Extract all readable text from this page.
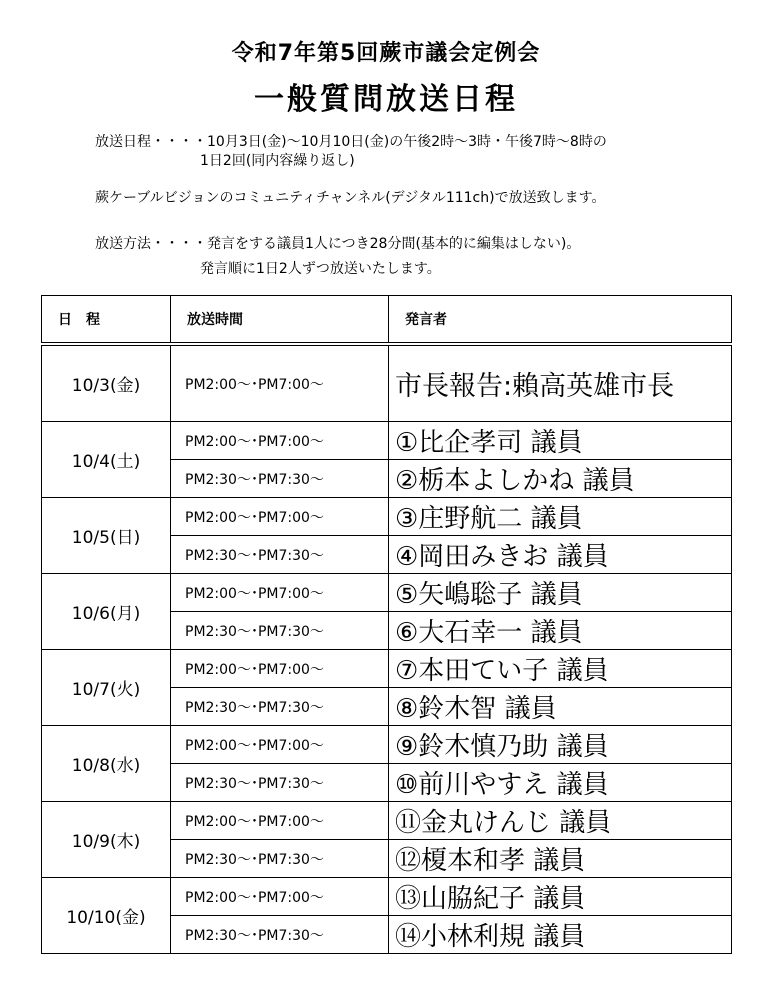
令和7年第5回蕨市議会定例会
一般質問放送日程
放送日程・・・・10月3日(金)～10月10日(金)の午後2時～3時・午後7時～8時の
1日2回(同内容繰り返し)
蕨ケーブルビジョンのコミュニティチャンネル(デジタル111ch)で放送致します。
放送方法・・・・発言をする議員1人につき28分間(基本的に編集はしない)。
発言順に1日2人ずつ放送いたします。
日　程	放送時間	発言者

10/3(金)	PM2:00～･PM7:00～	市長報告:賴高英雄市長
10/4(土)	PM2:00～･PM7:00～	①比企孝司 議員
	PM2:30～･PM7:30～	②栃本よしかね 議員
10/5(日)	PM2:00～･PM7:00～	③庄野航二 議員
	PM2:30～･PM7:30～	④岡田みきお 議員
10/6(月)	PM2:00～･PM7:00～	⑤矢嶋聡子 議員
	PM2:30～･PM7:30～	⑥大石幸一 議員
10/7(火)	PM2:00～･PM7:00～	⑦本田てい子 議員
	PM2:30～･PM7:30～	⑧鈴木智 議員
10/8(水)	PM2:00～･PM7:00～	⑨鈴木慎乃助 議員
	PM2:30～･PM7:30～	⑩前川やすえ 議員
10/9(木)	PM2:00～･PM7:00～	⑪金丸けんじ 議員
	PM2:30～･PM7:30～	⑫榎本和孝 議員
10/10(金)	PM2:00～･PM7:00～	⑬山脇紀子 議員
	PM2:30～･PM7:30～	⑭小林利規 議員
